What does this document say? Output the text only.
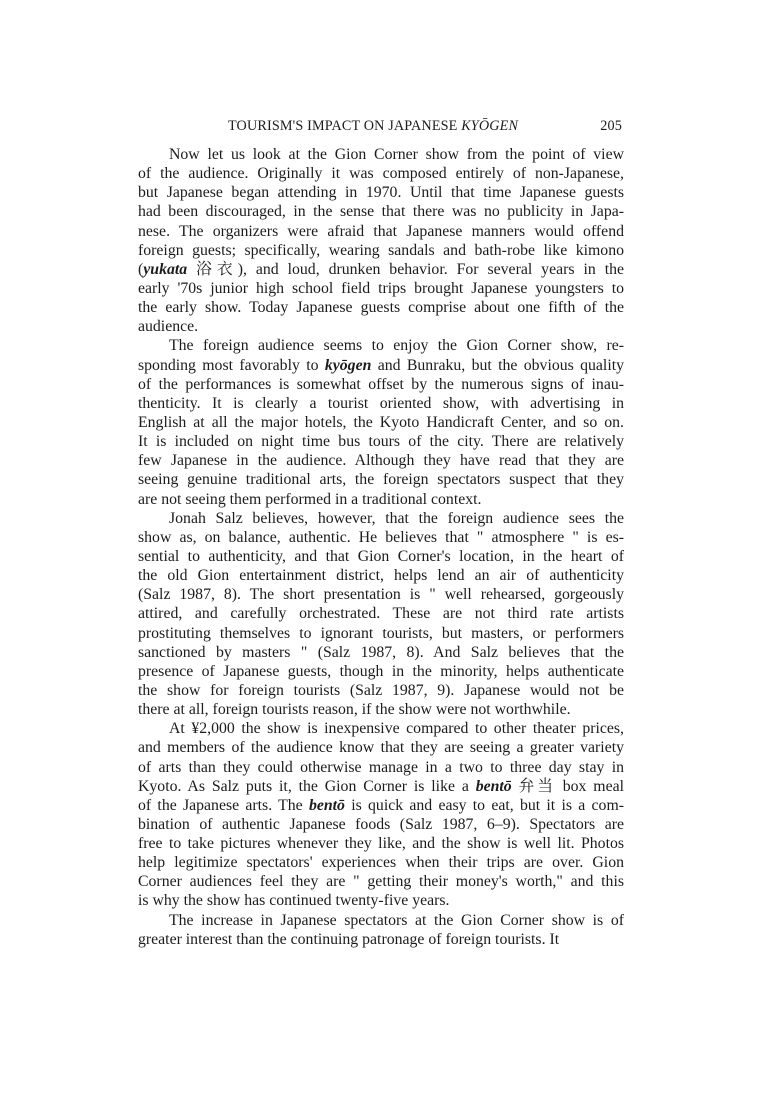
TOURISM'S IMPACT ON JAPANESE KYŌGEN	205
Now let us look at the Gion Corner show from the point of view
of the audience. Originally it was composed entirely of non-Japanese,
but Japanese began attending in 1970. Until that time Japanese guests
had been discouraged, in the sense that there was no publicity in Japa-
nese. The organizers were afraid that Japanese manners would offend
foreign guests; specifically, wearing sandals and bath-robe like kimono
(yukata 浴衣), and loud, drunken behavior. For several years in the
early '70s junior high school field trips brought Japanese youngsters to
the early show. Today Japanese guests comprise about one fifth of the
audience.
The foreign audience seems to enjoy the Gion Corner show, re-
sponding most favorably to kyōgen and Bunraku, but the obvious quality
of the performances is somewhat offset by the numerous signs of inau-
thenticity. It is clearly a tourist oriented show, with advertising in
English at all the major hotels, the Kyoto Handicraft Center, and so on.
It is included on night time bus tours of the city. There are relatively
few Japanese in the audience. Although they have read that they are
seeing genuine traditional arts, the foreign spectators suspect that they
are not seeing them performed in a traditional context.
Jonah Salz believes, however, that the foreign audience sees the
show as, on balance, authentic. He believes that " atmosphere " is es-
sential to authenticity, and that Gion Corner's location, in the heart of
the old Gion entertainment district, helps lend an air of authenticity
(Salz 1987, 8). The short presentation is " well rehearsed, gorgeously
attired, and carefully orchestrated. These are not third rate artists
prostituting themselves to ignorant tourists, but masters, or performers
sanctioned by masters " (Salz 1987, 8). And Salz believes that the
presence of Japanese guests, though in the minority, helps authenticate
the show for foreign tourists (Salz 1987, 9). Japanese would not be
there at all, foreign tourists reason, if the show were not worthwhile.
At ¥2,000 the show is inexpensive compared to other theater prices,
and members of the audience know that they are seeing a greater variety
of arts than they could otherwise manage in a two to three day stay in
Kyoto. As Salz puts it, the Gion Corner is like a bentō 弁当 box meal
of the Japanese arts. The bentō is quick and easy to eat, but it is a com-
bination of authentic Japanese foods (Salz 1987, 6–9). Spectators are
free to take pictures whenever they like, and the show is well lit. Photos
help legitimize spectators' experiences when their trips are over. Gion
Corner audiences feel they are " getting their money's worth," and this
is why the show has continued twenty-five years.
The increase in Japanese spectators at the Gion Corner show is of
greater interest than the continuing patronage of foreign tourists. It
